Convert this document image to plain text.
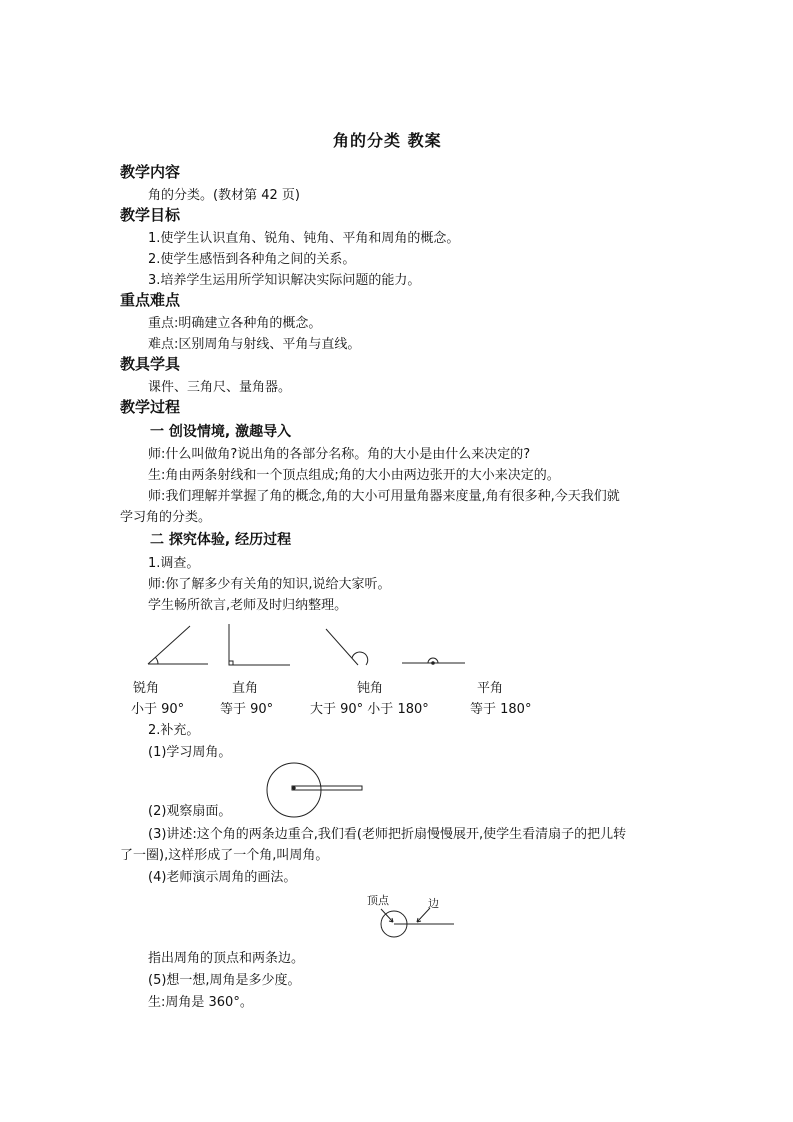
角的分类 教案
教学内容
角的分类。(教材第 42 页)
教学目标
1.使学生认识直角、锐角、钝角、平角和周角的概念。
2.使学生感悟到各种角之间的关系。
3.培养学生运用所学知识解决实际问题的能力。
重点难点
重点:明确建立各种角的概念。
难点:区别周角与射线、平角与直线。
教具学具
课件、三角尺、量角器。
教学过程
一 创设情境, 激趣导入
师:什么叫做角?说出角的各部分名称。角的大小是由什么来决定的?
生:角由两条射线和一个顶点组成;角的大小由两边张开的大小来决定的。
师:我们理解并掌握了角的概念,角的大小可用量角器来度量,角有很多种,今天我们就
学习角的分类。
二 探究体验, 经历过程
1.调查。
师:你了解多少有关角的知识,说给大家听。
学生畅所欲言,老师及时归纳整理。
锐角
小于 90°
直角
等于 90°
钝角
大于 90° 小于 180°
平角
等于 180°
2.补充。
(1)学习周角。
(2)观察扇面。
(3)讲述:这个角的两条边重合,我们看(老师把折扇慢慢展开,使学生看清扇子的把儿转
了一圈),这样形成了一个角,叫周角。
(4)老师演示周角的画法。
顶点	边
指出周角的顶点和两条边。
(5)想一想,周角是多少度。
生:周角是 360°。
